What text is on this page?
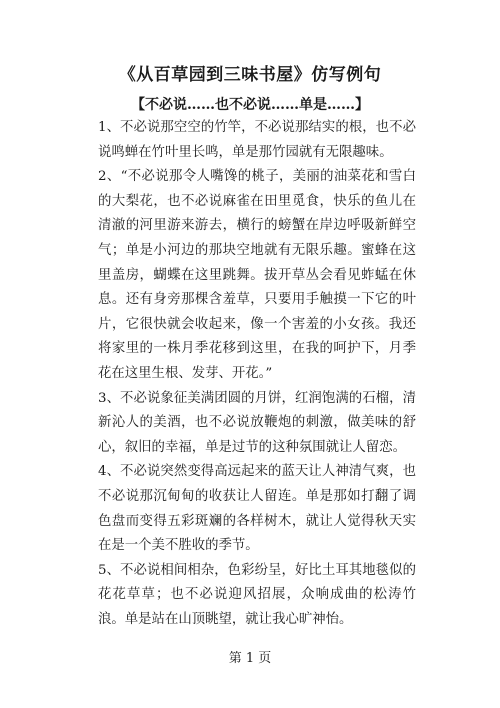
《从百草园到三味书屋》仿写例句
【不必说……也不必说……单是……】

1、不必说那空空的竹竿，不必说那结实的根，也不必说鸣蝉在竹叶里长鸣，单是那竹园就有无限趣味。

2、“不必说那令人嘴馋的桃子，美丽的油菜花和雪白的大梨花，也不必说麻雀在田里觅食，快乐的鱼儿在清澈的河里游来游去，横行的螃蟹在岸边呼吸新鲜空气；单是小河边的那块空地就有无限乐趣。蜜蜂在这里盖房，蝴蝶在这里跳舞。拔开草丛会看见蚱蜢在休息。还有身旁那棵含羞草，只要用手触摸一下它的叶片，它很快就会收起来，像一个害羞的小女孩。我还将家里的一株月季花移到这里，在我的呵护下，月季花在这里生根、发芽、开花。”

3、不必说象征美满团圆的月饼，红润饱满的石榴，清新沁人的美酒，也不必说放鞭炮的刺激，做美味的舒心，叙旧的幸福，单是过节的这种氛围就让人留恋。

4、不必说突然变得高远起来的蓝天让人神清气爽，也不必说那沉甸甸的收获让人留连。单是那如打翻了调色盘而变得五彩斑斓的各样树木，就让人觉得秋天实在是一个美不胜收的季节。

5、不必说相间相杂，色彩纷呈，好比土耳其地毯似的花花草草；也不必说迎风招展，众响成曲的松涛竹浪。单是站在山顶眺望，就让我心旷神怡。

第 1 页
